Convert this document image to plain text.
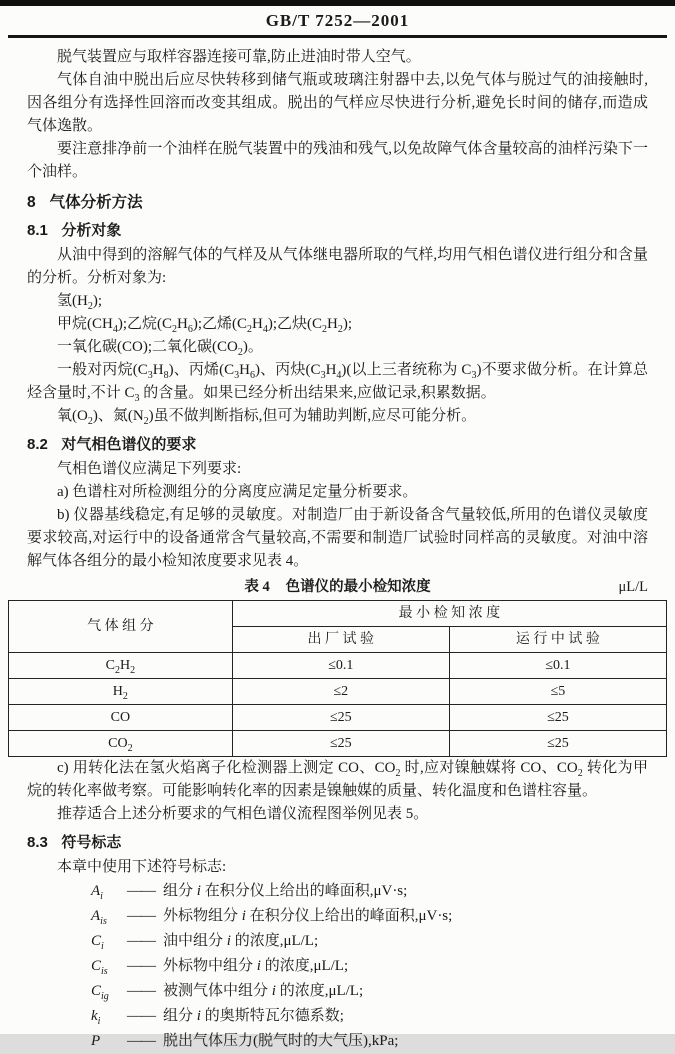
GB/T 7252—2001

脱气装置应与取样容器连接可靠,防止进油时带人空气。

气体自油中脱出后应尽快转移到储气瓶或玻璃注射器中去,以免气体与脱过气的油接触时,因各组分有选择性回溶而改变其组成。脱出的气样应尽快进行分析,避免长时间的储存,而造成气体逸散。

要注意排净前一个油样在脱气装置中的残油和残气,以免故障气体含量较高的油样污染下一个油样。

8 气体分析方法
8.1 分析对象

从油中得到的溶解气体的气样及从气体继电器所取的气样,均用气相色谱仪进行组分和含量的分析。分析对象为:

氢$(H_2)$;

甲烷$(CH_4)$;乙烷$(C_2H_6)$;乙烯$(C_2H_4)$;乙炔$(C_2H_2)$;

一氧化碳(CO);二氧化碳$(CO_2)$。

一般对丙烷$(C_3H_8)$、丙烯$(C_3H_6)$、丙炔$(C_3H_4)$(以上三者统称为 $C_3$)不要求做分析。在计算总烃含量时,不计 $C_3$ 的含量。如果已经分析出结果来,应做记录,积累数据。

氧$(O_2)$、氮$(N_2)$虽不做判断指标,但可为辅助判断,应尽可能分析。

8.2 对气相色谱仪的要求

气相色谱仪应满足下列要求:

a) 色谱柱对所检测组分的分离度应满足定量分析要求。

b) 仪器基线稳定,有足够的灵敏度。对制造厂由于新设备含气量较低,所用的色谱仪灵敏度要求较高,对运行中的设备通常含气量较高,不需要和制造厂试验时同样高的灵敏度。对油中溶解气体各组分的最小检知浓度要求见表 4。

表 4 色谱仪的最小检知浓度	μL/L
气 体 组 分	最 小 检 知 浓 度	
	出 厂 试 验	运 行 中 试 验
$C_2H_2$	≤0.1	≤0.1
$H_2$	≤2	≤5
CO	≤25	≤25
$CO_2$	≤25	≤25

c) 用转化法在氢火焰离子化检测器上测定 CO、$CO_2$ 时,应对镍触媒将 CO、$CO_2$ 转化为甲烷的转化率做考察。可能影响转化率的因素是镍触媒的质量、转化温度和色谱柱容量。

推荐适合上述分析要求的气相色谱仪流程图举例见表 5。

8.3 符号标志

本章中使用下述符号标志:

$A_i$	—— 组分 i 在积分仪上给出的峰面积,μV·s;
$A_{is}$	—— 外标物组分 i 在积分仪上给出的峰面积,μV·s;
$C_i$	—— 油中组分 i 的浓度,μL/L;
$C_{is}$	—— 外标物中组分 i 的浓度,μL/L;
$C_{ig}$	—— 被测气体中组分 i 的浓度,μL/L;
$k_i$	—— 组分 i 的奥斯特瓦尔德系数;
P	—— 脱出气体压力(脱气时的大气压),kPa;
